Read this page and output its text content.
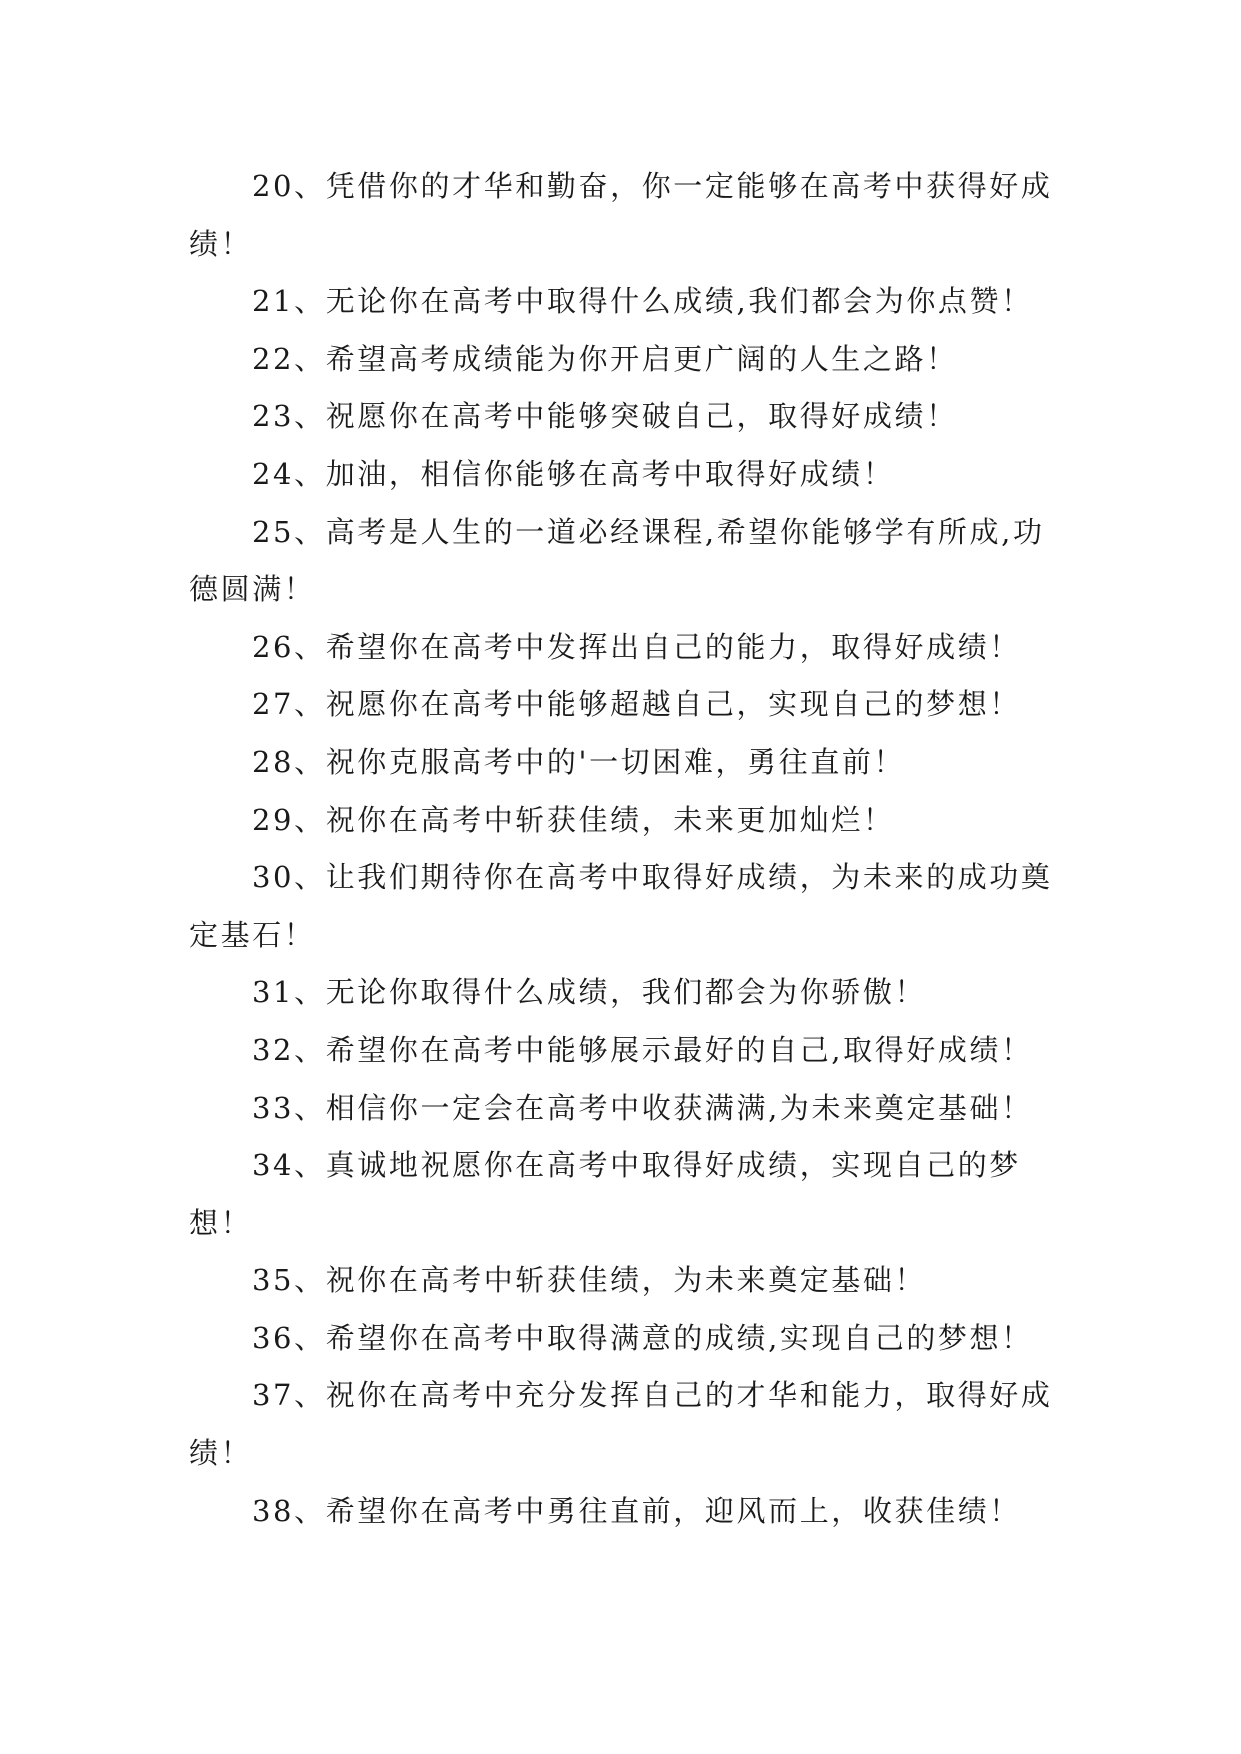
20、凭借你的才华和勤奋，你一定能够在高考中获得好成绩！

21、无论你在高考中取得什么成绩,我们都会为你点赞！

22、希望高考成绩能为你开启更广阔的人生之路！

23、祝愿你在高考中能够突破自己，取得好成绩！

24、加油，相信你能够在高考中取得好成绩！

25、高考是人生的一道必经课程,希望你能够学有所成,功德圆满！

26、希望你在高考中发挥出自己的能力，取得好成绩！

27、祝愿你在高考中能够超越自己，实现自己的梦想！

28、祝你克服高考中的'一切困难，勇往直前！

29、祝你在高考中斩获佳绩，未来更加灿烂！

30、让我们期待你在高考中取得好成绩，为未来的成功奠定基石！

31、无论你取得什么成绩，我们都会为你骄傲！

32、希望你在高考中能够展示最好的自己,取得好成绩！

33、相信你一定会在高考中收获满满,为未来奠定基础！

34、真诚地祝愿你在高考中取得好成绩，实现自己的梦想！

35、祝你在高考中斩获佳绩，为未来奠定基础！

36、希望你在高考中取得满意的成绩,实现自己的梦想！

37、祝你在高考中充分发挥自己的才华和能力，取得好成绩！

38、希望你在高考中勇往直前，迎风而上，收获佳绩！
